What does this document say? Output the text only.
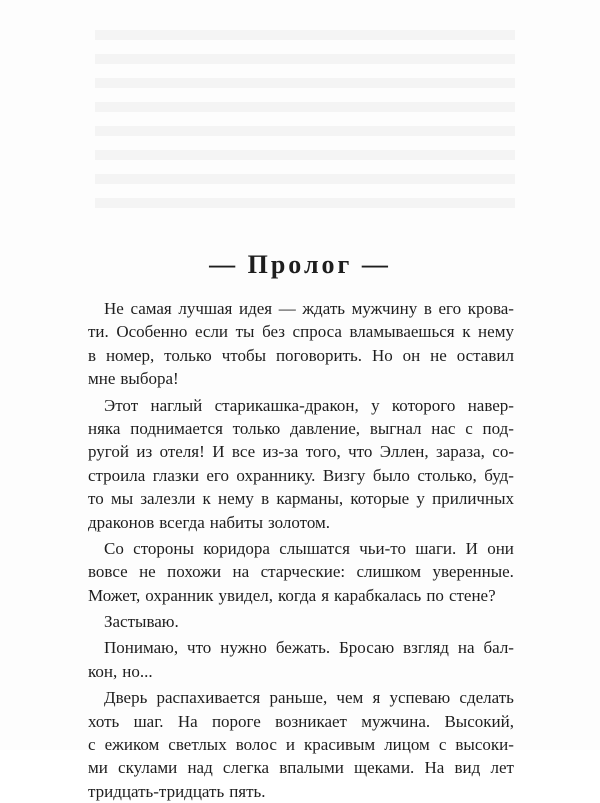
— Пролог —
Не самая лучшая идея — ждать мужчину в его крова-
ти. Особенно если ты без спроса вламываешься к нему
в номер, только чтобы поговорить. Но он не оставил
мне выбора!
Этот наглый старикашка-дракон, у которого навер-
няка поднимается только давление, выгнал нас с под-
ругой из отеля! И все из-за того, что Эллен, зараза, со-
строила глазки его охраннику. Визгу было столько, буд-
то мы залезли к нему в карманы, которые у приличных
драконов всегда набиты золотом.
Со стороны коридора слышатся чьи-то шаги. И они
вовсе не похожи на старческие: слишком уверенные.
Может, охранник увидел, когда я карабкалась по стене?
Застываю.
Понимаю, что нужно бежать. Бросаю взгляд на бал-
кон, но...
Дверь распахивается раньше, чем я успеваю сделать
хоть шаг. На пороге возникает мужчина. Высокий,
с ежиком светлых волос и красивым лицом с высоки-
ми скулами над слегка впалыми щеками. На вид лет
тридцать-тридцать пять.
